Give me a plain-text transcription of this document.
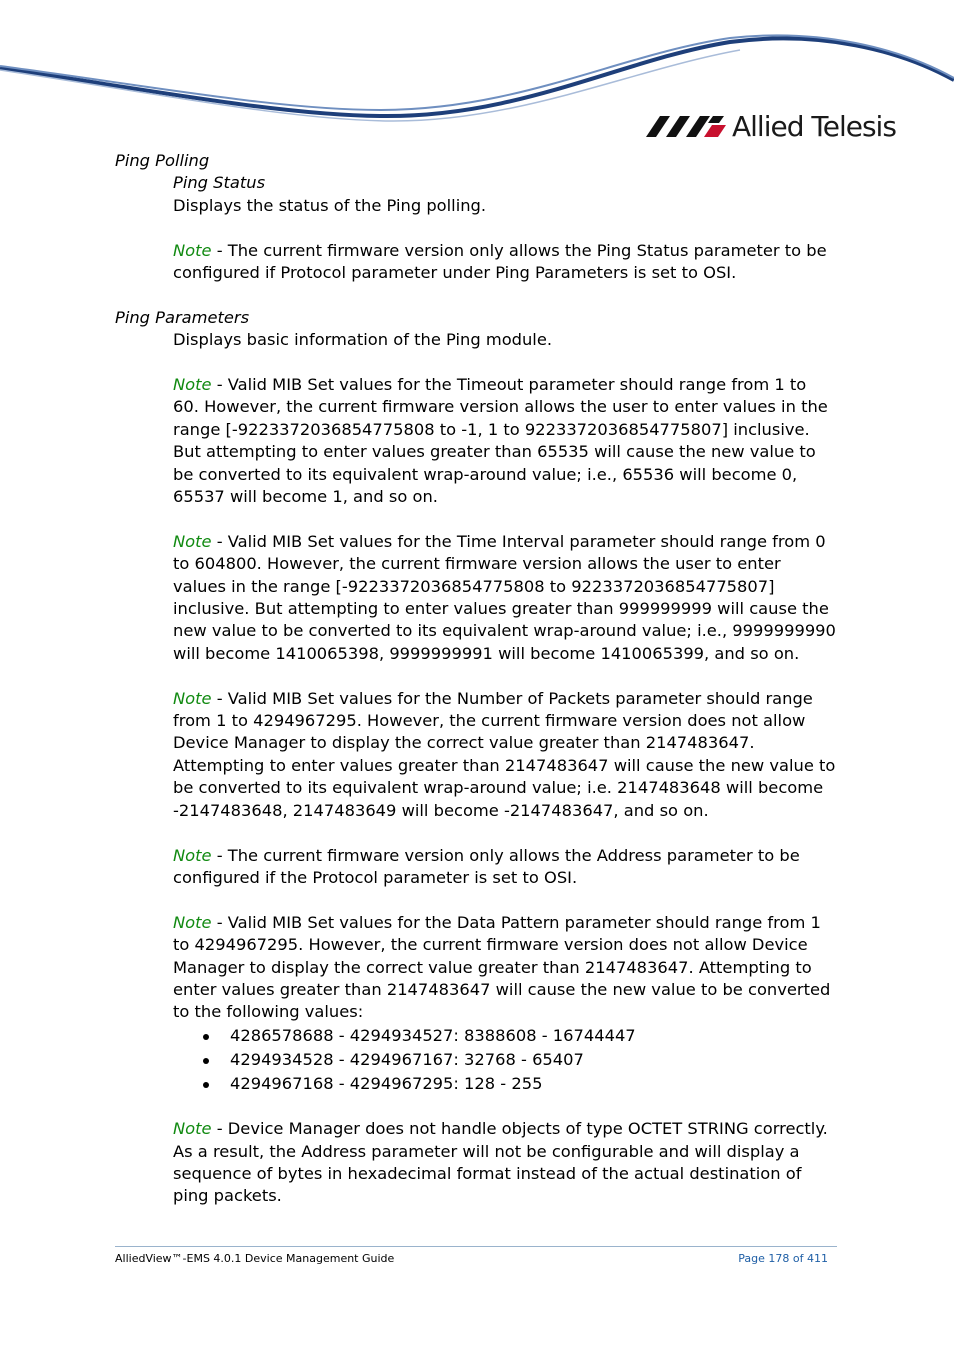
Allied Telesis

Ping Polling

Ping Status

Displays the status of the Ping polling.

Note - The current firmware version only allows the Ping Status parameter to be configured if Protocol parameter under Ping Parameters is set to OSI.

Ping Parameters

Displays basic information of the Ping module.

Note - Valid MIB Set values for the Timeout parameter should range from 1 to 60. However, the current firmware version allows the user to enter values in the range [-9223372036854775808 to -1, 1 to 9223372036854775807] inclusive. But attempting to enter values greater than 65535 will cause the new value to be converted to its equivalent wrap-around value; i.e., 65536 will become 0, 65537 will become 1, and so on.

Note - Valid MIB Set values for the Time Interval parameter should range from 0 to 604800. However, the current firmware version allows the user to enter values in the range [-9223372036854775808 to 9223372036854775807] inclusive. But attempting to enter values greater than 999999999 will cause the new value to be converted to its equivalent wrap-around value; i.e., 9999999990 will become 1410065398, 9999999991 will become 1410065399, and so on.

Note - Valid MIB Set values for the Number of Packets parameter should range from 1 to 4294967295. However, the current firmware version does not allow Device Manager to display the correct value greater than 2147483647. Attempting to enter values greater than 2147483647 will cause the new value to be converted to its equivalent wrap-around value; i.e. 2147483648 will become -2147483648, 2147483649 will become -2147483647, and so on.

Note - The current firmware version only allows the Address parameter to be configured if the Protocol parameter is set to OSI.

Note - Valid MIB Set values for the Data Pattern parameter should range from 1 to 4294967295. However, the current firmware version does not allow Device Manager to display the correct value greater than 2147483647. Attempting to enter values greater than 2147483647 will cause the new value to be converted to the following values:

4286578688 - 4294934527: 8388608 - 16744447
4294934528 - 4294967167: 32768 - 65407
4294967168 - 4294967295: 128 - 255

Note - Device Manager does not handle objects of type OCTET STRING correctly. As a result, the Address parameter will not be configurable and will display a sequence of bytes in hexadecimal format instead of the actual destination of ping packets.

AlliedView™-EMS 4.0.1 Device Management Guide	Page 178 of 411
